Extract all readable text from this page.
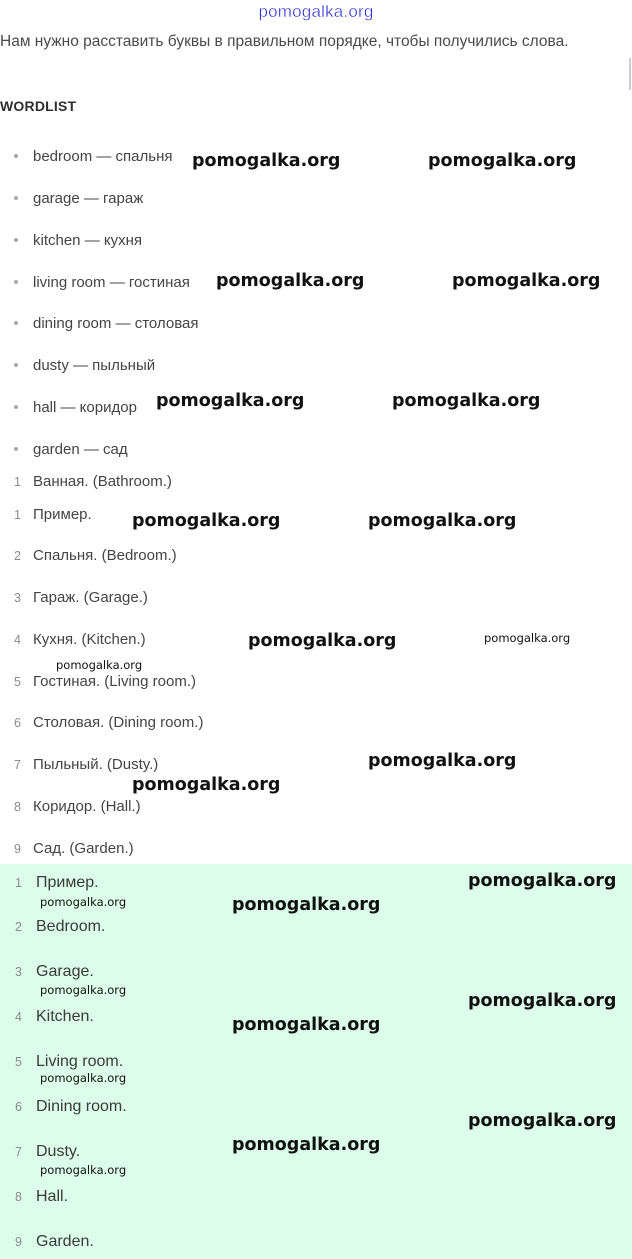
pomogalka.org
Нам нужно расставить буквы в правильном порядке, чтобы получились слова.
WORDLIST
bedroom — спальня
garage — гараж
kitchen — кухня
living room — гостиная
dining room — столовая
dusty — пыльный
hall — коридор
garden — сад
1 Ванная. (Bathroom.)
1 Пример.
2 Спальня. (Bedroom.)
3 Гараж. (Garage.)
4 Кухня. (Kitchen.)
5 Гостиная. (Living room.)
6 Столовая. (Dining room.)
7 Пыльный. (Dusty.)
8 Коридор. (Hall.)
9 Сад. (Garden.)
1 Пример.
2 Bedroom.
3 Garage.
4 Kitchen.
5 Living room.
6 Dining room.
7 Dusty.
8 Hall.
9 Garden.
pomogalka.org	pomogalka.org
pomogalka.org	pomogalka.org
pomogalka.org	pomogalka.org
pomogalka.org	pomogalka.org
pomogalka.org	pomogalka.org
pomogalka.org
pomogalka.org
pomogalka.org
pomogalka.org
pomogalka.org	pomogalka.org
pomogalka.org
pomogalka.org
pomogalka.org
pomogalka.org
pomogalka.org
pomogalka.org
pomogalka.org
